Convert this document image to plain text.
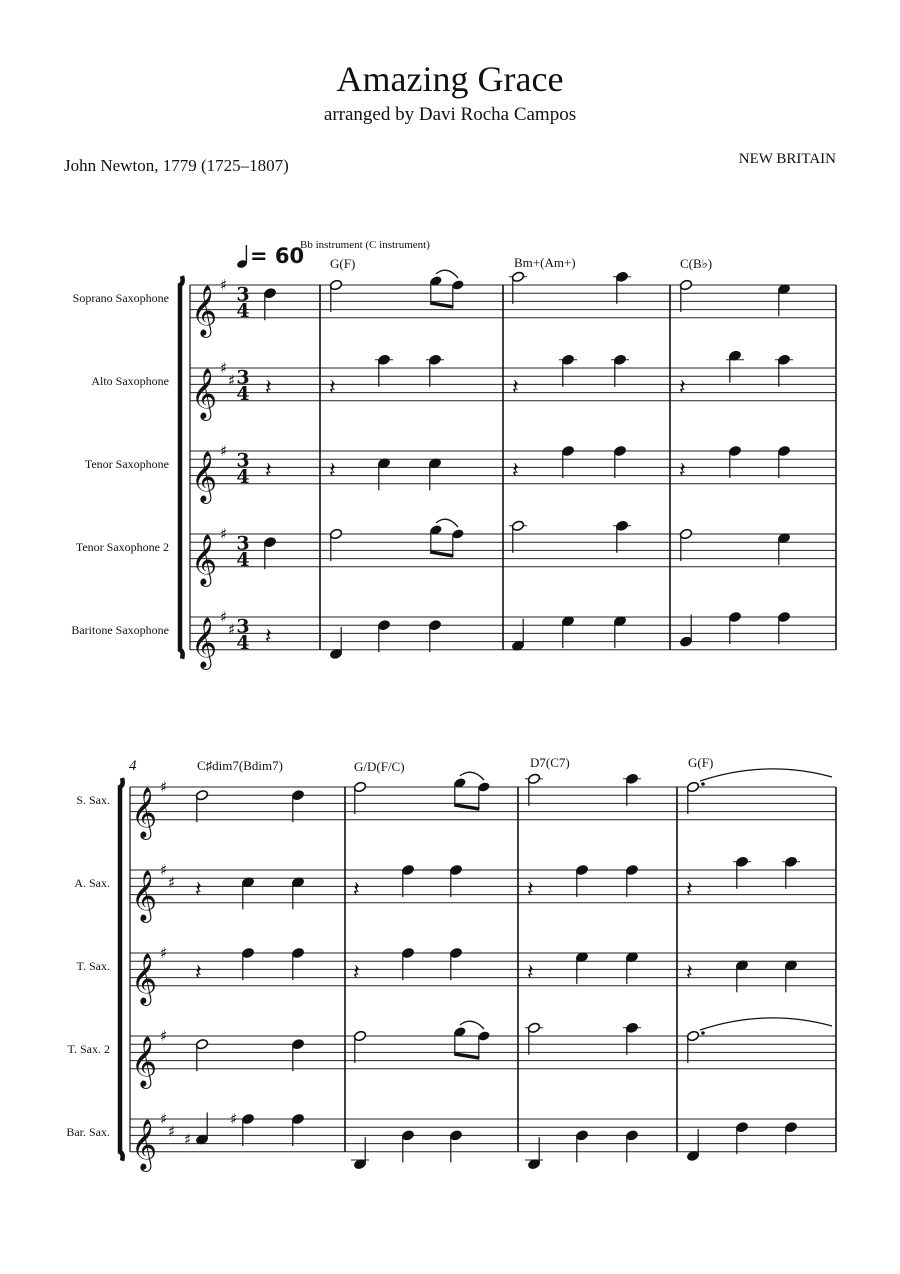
Amazing Grace
arranged by Davi Rocha Campos
John Newton, 1779 (1725–1807)	NEW BRITAIN
= 60
Bb instrument (C instrument)
Soprano Saxophone
Alto Saxophone
Tenor Saxophone
Tenor Saxophone 2
Baritone Saxophone
G(F)	Bm+(Am+)	C(B♭)
4
S. Sax.
A. Sax.
T. Sax.
T. Sax. 2
Bar. Sax.
C♯dim7(Bdim7)	G/D(F/C)	D7(C7)	G(F)
𝄞 ♯ 3
4
𝄞 ♯
♯ 3
4
𝄞 ♯ 3
4
𝄞 ♯ 3
4
𝄞 ♯
♯ 3
4
𝄞 ♯
𝄞 ♯
♯
𝄞 ♯
𝄞 ♯
𝄞 ♯
♯
𝄽
𝄽
𝄽
𝄽
𝄽
𝄽
𝄽
𝄽
𝄽
𝄽
𝄽
♯
♯
𝄽
𝄽
𝄽
𝄽
𝄽
𝄽
